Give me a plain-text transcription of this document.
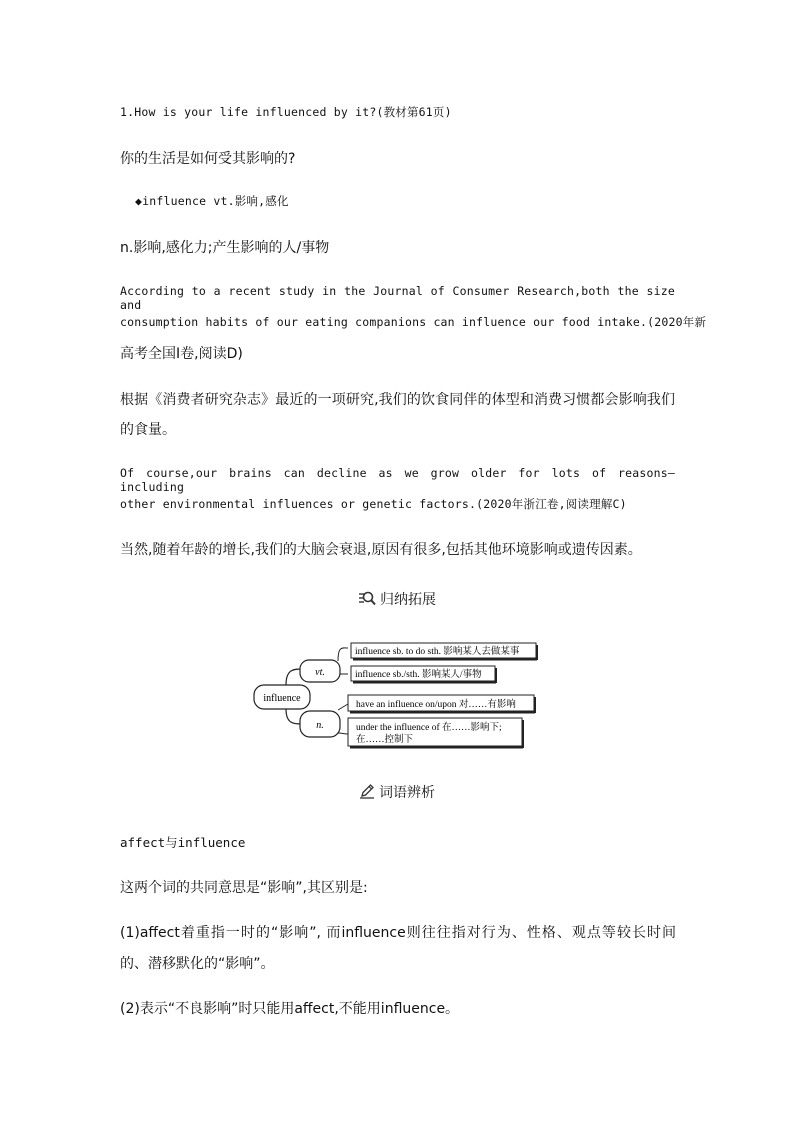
1.How is your life influenced by it?(教材第61页)
你的生活是如何受其影响的?
◆influence vt.影响,感化
n.影响,感化力;产生影响的人/事物
According to a recent study in the Journal of Consumer Research,both the size and
consumption habits of our eating companions can influence our food intake.(2020年新
高考全国Ⅰ卷,阅读D)
根据《消费者研究杂志》最近的一项研究,我们的饮食同伴的体型和消费习惯都会影响我们
的食量。
Of course,our brains can decline as we grow older for lots of reasons—including
other environmental influences or genetic factors.(2020年浙江卷,阅读理解C)
当然,随着年龄的增长,我们的大脑会衰退,原因有很多,包括其他环境影响或遗传因素。
归纳拓展
influence
vt.
n.
influence sb. to do sth. 影响某人去做某事
influence sb./sth. 影响某人/事物
have an influence on/upon 对……有影响
under the influence of 在……影响下;
在……控制下
词语辨析
affect与influence
这两个词的共同意思是“影响”,其区别是:
(1)affect着重指一时的“影响”, 而influence则往往指对行为、性格、观点等较长时间
的、潜移默化的“影响”。
(2)表示“不良影响”时只能用affect,不能用influence。
